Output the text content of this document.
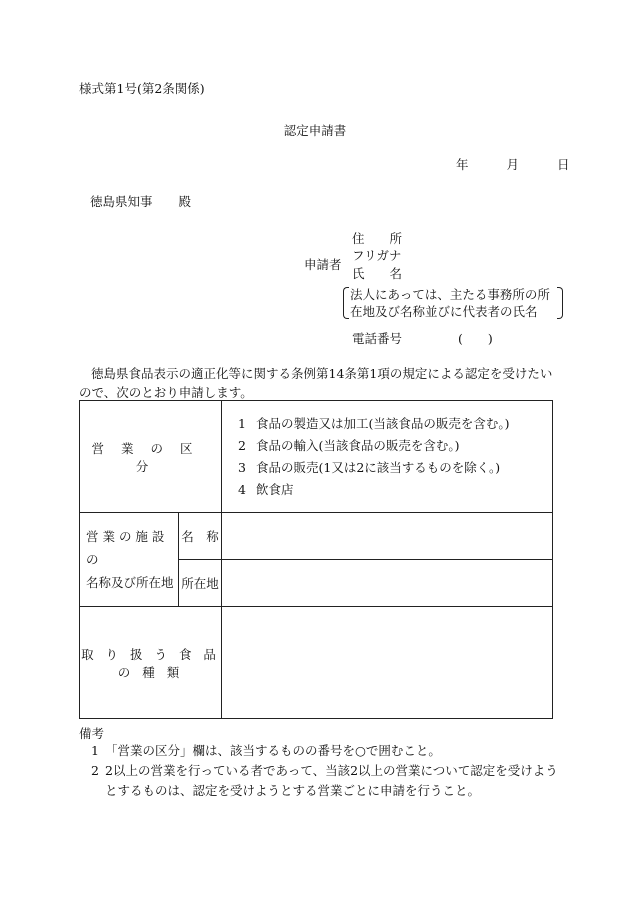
様式第1号(第2条関係)
認定申請書
年	月	日
徳島県知事 殿
申請者
住　　所
フリガナ
氏　　名
法人にあっては、主たる事務所の所在地及び名称並びに代表者の氏名
電話番号	(　　)
徳島県食品表示の適正化等に関する条例第14条第1項の規定による認定を受けたいので、次のとおり申請します。
営業の区分		1 食品の製造又は加工(当該食品の販売を含む。)
2 食品の輸入(当該食品の販売を含む。)
3 食品の販売(1又は2に該当するものを除く。)
4 飲食店

営 業 の 施 設 の
名称及び所在地	名　称	
	所在地	
取 り 扱 う 食 品 の 種 類		
備考
1 「営業の区分」欄は、該当するものの番号を○で囲むこと。
2 2以上の営業を行っている者であって、当該2以上の営業について認定を受けようとするものは、認定を受けようとする営業ごとに申請を行うこと。
